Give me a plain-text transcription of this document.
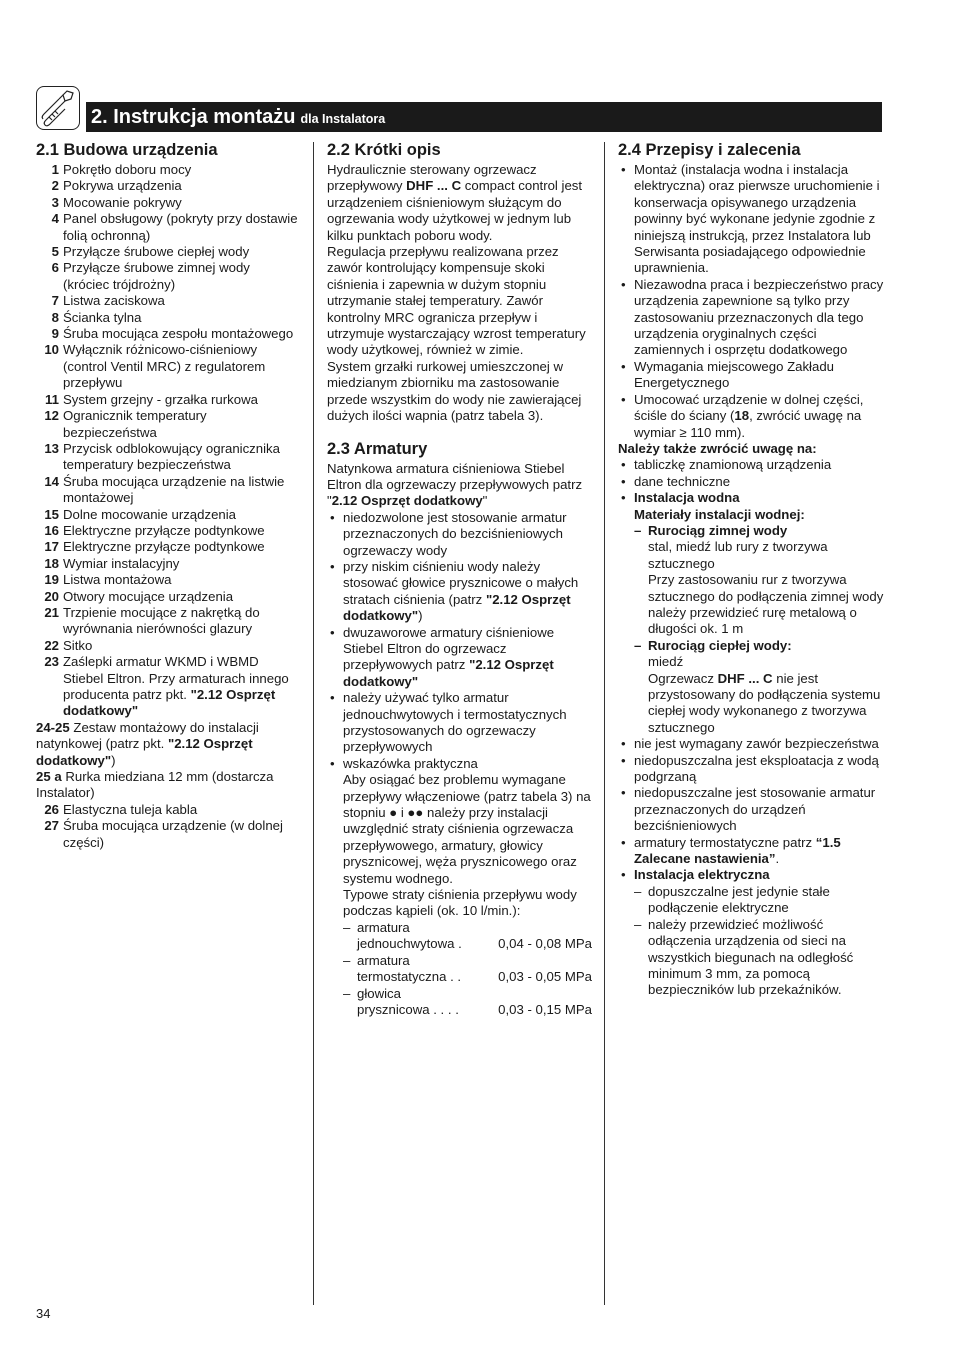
2. Instrukcja montażu dla Instalatora
2.1 Budowa urządzenia
1 Pokrętło doboru mocy
2 Pokrywa urządzenia
3 Mocowanie pokrywy
4 Panel obsługowy (pokryty przy dostawie folią ochronną)
5 Przyłącze śrubowe ciepłej wody
6 Przyłącze śrubowe zimnej wody (króciec trójdrożny)
7 Listwa zaciskowa
8 Ścianka tylna
9 Śruba mocująca zespołu montażowego
10 Wyłącznik różnicowo-ciśnieniowy (control Ventil MRC) z regulatorem przepływu
11 System grzejny - grzałka rurkowa
12 Ogranicznik temperatury bezpieczeństwa
13 Przycisk odblokowujący ogranicznika temperatury bezpieczeństwa
14 Śruba mocująca urządzenie na listwie montażowej
15 Dolne mocowanie urządzenia
16 Elektryczne przyłącze podtynkowe
17 Elektryczne przyłącze podtynkowe
18 Wymiar instalacyjny
19 Listwa montażowa
20 Otwory mocujące urządzenia
21 Trzpienie mocujące z nakrętką do wyrównania nierówności glazury
22 Sitko
23 Zaślepki armatur WKMD i WBMD Stiebel Eltron. Przy armaturach innego producenta patrz pkt. "2.12 Osprzęt dodatkowy"
24-25 Zestaw montażowy do instalacji natynkowej (patrz pkt. "2.12 Osprzęt dodatkowy")
25 a Rurka miedziana 12 mm (dostarcza Instalator)
26 Elastyczna tuleja kabla
27 Śruba mocująca urządzenie (w dolnej części)
2.2 Krótki opis

Hydraulicznie sterowany ogrzewacz przepływowy DHF ... C compact control jest urządzeniem ciśnieniowym służącym do ogrzewania wody użytkowej w jednym lub kilku punktach poboru wody.

Regulacja przepływu realizowana przez zawór kontrolujący kompensuje skoki ciśnienia i zapewnia w dużym stopniu utrzymanie stałej temperatury. Zawór kontrolny MRC ogranicza przepływ i utrzymuje wystarczający wzrost temperatury wody użytkowej, również w zimie.

System grzałki rurkowej umieszczonej w miedzianym zbiorniku ma zastosowanie przede wszystkim do wody nie zawierającej dużych ilości wapnia (patrz tabela 3).

2.3 Armatury

Natynkowa armatura ciśnieniowa Stiebel Eltron dla ogrzewaczy przepływowych patrz "2.12 Osprzęt dodatkowy"

• niedozwolone jest stosowanie armatur przeznaczonych do bezciśnieniowych ogrzewaczy wody
• przy niskim ciśnieniu wody należy stosować głowice prysznicowe o małych stratach ciśnienia (patrz "2.12 Osprzęt dodatkowy")
• dwuzaworowe armatury ciśnieniowe Stiebel Eltron do ogrzewacz przepływowych patrz "2.12 Osprzęt dodatkowy"
• należy używać tylko armatur jednouchwytowych i termostatycznych przystosowanych do ogrzewaczy przepływowych
• wskazówka praktyczna
Aby osiągać bez problemu wymagane przepływy włączeniowe (patrz tabela 3) na stopniu ● i ●● należy przy instalacji uwzględnić straty ciśnienia ogrzewacza przepływowego, armatury, głowicy prysznicowej, węża prysznicowego oraz systemu wodnego.
Typowe straty ciśnienia przepływu wody podczas kąpieli (ok. 10 l/min.):
– armatura
jednouchwytowa .	0,04 - 0,08 MPa
– armatura
termostatyczna . .	0,03 - 0,05 MPa
– głowica
prysznicowa . . . .	0,03 - 0,15 MPa
2.4 Przepisy i zalecenia
• Montaż (instalacja wodna i instalacja elektryczna) oraz pierwsze uruchomienie i konserwacja opisywanego urządzenia powinny być wykonane jedynie zgodnie z niniejszą instrukcją, przez Instalatora lub Serwisanta posiadającego odpowiednie uprawnienia.
• Niezawodna praca i bezpieczeństwo pracy urządzenia zapewnione są tylko przy zastosowaniu przeznaczonych dla tego urządzenia oryginalnych części zamiennych i osprzętu dodatkowego
• Wymagania miejscowego Zakładu Energetycznego
• Umocować urządzenie w dolnej części, ściśle do ściany (18, zwrócić uwagę na wymiar ≥ 110 mm).

Należy także zwrócić uwagę na:

• tabliczkę znamionową urządzenia
• dane techniczne
• Instalacja wodna
Materiały instalacji wodnej:
– Rurociąg zimnej wody
stal, miedź lub rury z tworzywa sztucznego
Przy zastosowaniu rur z tworzywa sztucznego do podłączenia zimnej wody należy przewidzieć rurę metalową o długości ok. 1 m
– Rurociąg ciepłej wody:
miedź
Ogrzewacz DHF ... C nie jest przystosowany do podłączenia systemu ciepłej wody wykonanego z tworzywa sztucznego
• nie jest wymagany zawór bezpieczeństwa
• niedopuszczalna jest eksploatacja z wodą podgrzaną
• niedopuszczalne jest stosowanie armatur przeznaczonych do urządzeń bezciśnieniowych
• armatury termostatyczne patrz “1.5 Zalecane nastawienia”.
• Instalacja elektryczna
– dopuszczalne jest jedynie stałe podłączenie elektryczne
– należy przewidzieć możliwość odłączenia urządzenia od sieci na wszystkich biegunach na odległość minimum 3 mm, za pomocą bezpieczników lub przekaźników.
34
